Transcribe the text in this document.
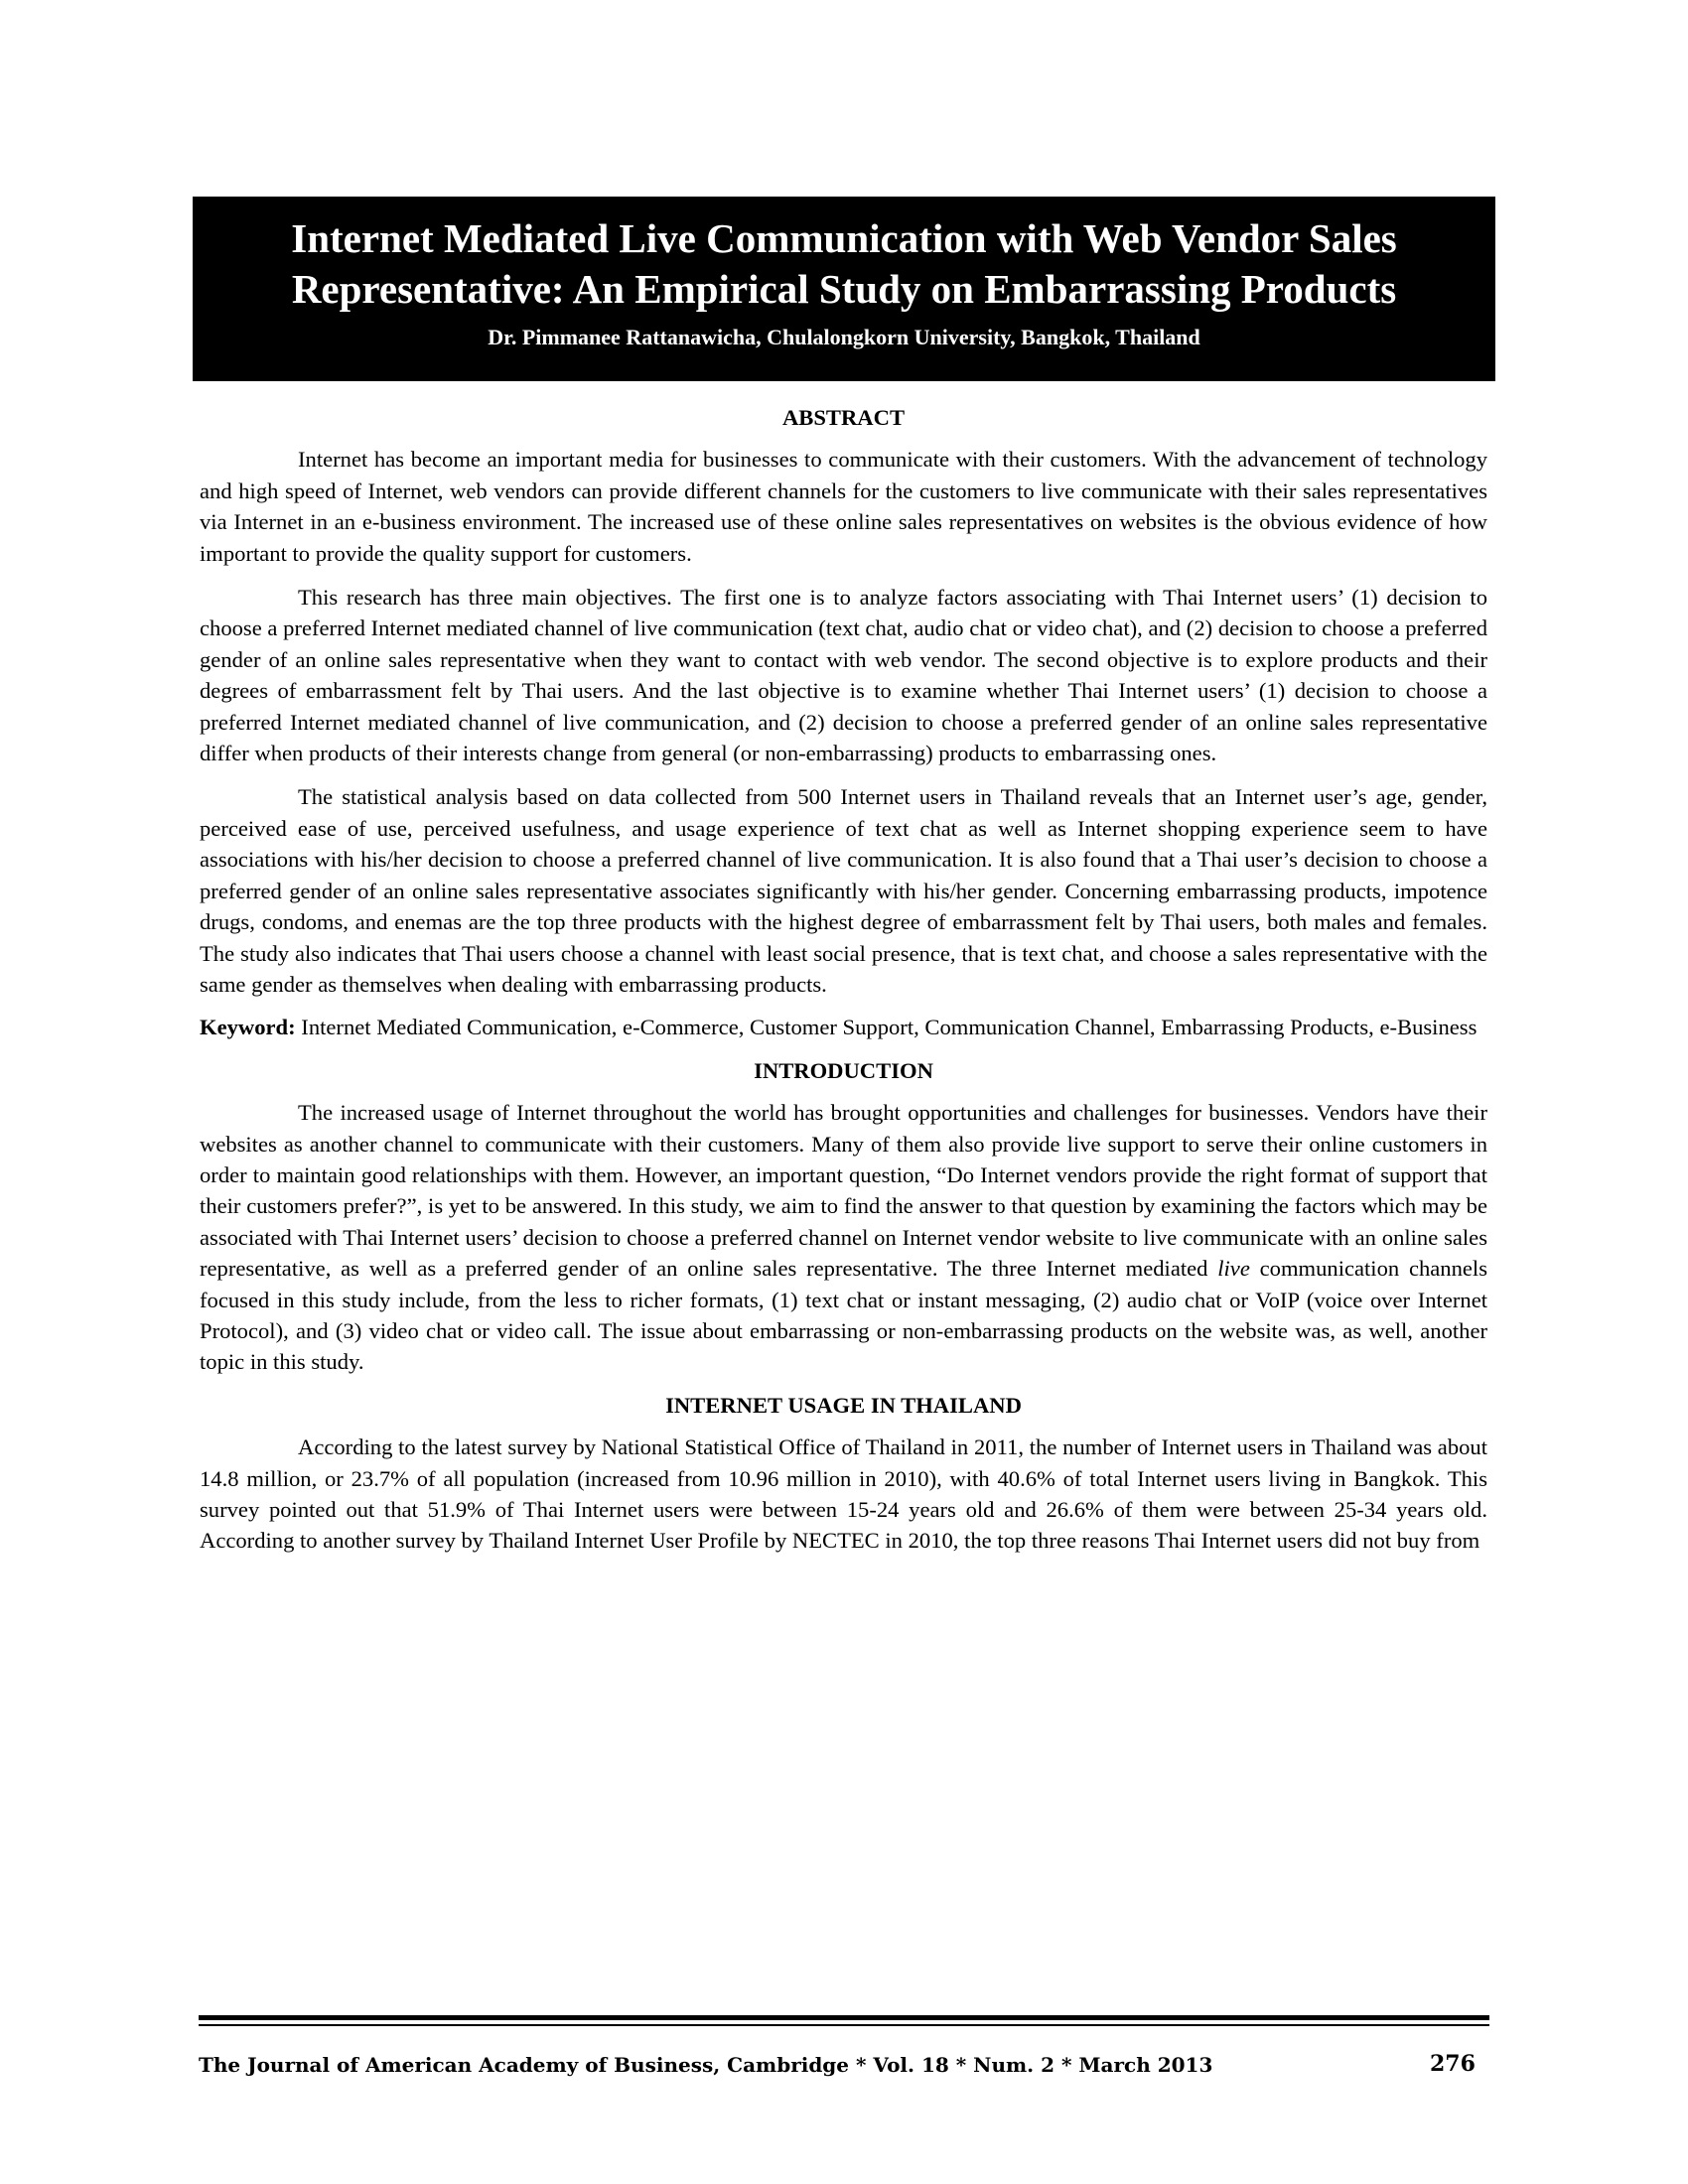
Internet Mediated Live Communication with Web Vendor Sales
Representative: An Empirical Study on Embarrassing Products
Dr. Pimmanee Rattanawicha, Chulalongkorn University, Bangkok, Thailand
ABSTRACT

Internet has become an important media for businesses to communicate with their customers. With the advancement of technology and high speed of Internet, web vendors can provide different channels for the customers to live communicate with their sales representatives via Internet in an e-business environment. The increased use of these online sales representatives on websites is the obvious evidence of how important to provide the quality support for customers.

This research has three main objectives. The first one is to analyze factors associating with Thai Internet users’ (1) decision to choose a preferred Internet mediated channel of live communication (text chat, audio chat or video chat), and (2) decision to choose a preferred gender of an online sales representative when they want to contact with web vendor. The second objective is to explore products and their degrees of embarrassment felt by Thai users. And the last objective is to examine whether Thai Internet users’ (1) decision to choose a preferred Internet mediated channel of live communication, and (2) decision to choose a preferred gender of an online sales representative differ when products of their interests change from general (or non-embarrassing) products to embarrassing ones.

The statistical analysis based on data collected from 500 Internet users in Thailand reveals that an Internet user’s age, gender, perceived ease of use, perceived usefulness, and usage experience of text chat as well as Internet shopping experience seem to have associations with his/her decision to choose a preferred channel of live communication. It is also found that a Thai user’s decision to choose a preferred gender of an online sales representative associates significantly with his/her gender. Concerning embarrassing products, impotence drugs, condoms, and enemas are the top three products with the highest degree of embarrassment felt by Thai users, both males and females. The study also indicates that Thai users choose a channel with least social presence, that is text chat, and choose a sales representative with the same gender as themselves when dealing with embarrassing products.

Keyword: Internet Mediated Communication, e-Commerce, Customer Support, Communication Channel, Embarrassing Products, e-Business

INTRODUCTION

The increased usage of Internet throughout the world has brought opportunities and challenges for businesses. Vendors have their websites as another channel to communicate with their customers. Many of them also provide live support to serve their online customers in order to maintain good relationships with them. However, an important question, “Do Internet vendors provide the right format of support that their customers prefer?”, is yet to be answered. In this study, we aim to find the answer to that question by examining the factors which may be associated with Thai Internet users’ decision to choose a preferred channel on Internet vendor website to live communicate with an online sales representative, as well as a preferred gender of an online sales representative. The three Internet mediated live communication channels focused in this study include, from the less to richer formats, (1) text chat or instant messaging, (2) audio chat or VoIP (voice over Internet Protocol), and (3) video chat or video call. The issue about embarrassing or non-embarrassing products on the website was, as well, another topic in this study.

INTERNET USAGE IN THAILAND

According to the latest survey by National Statistical Office of Thailand in 2011, the number of Internet users in Thailand was about 14.8 million, or 23.7% of all population (increased from 10.96 million in 2010), with 40.6% of total Internet users living in Bangkok. This survey pointed out that 51.9% of Thai Internet users were between 15-24 years old and 26.6% of them were between 25-34 years old. According to another survey by Thailand Internet User Profile by NECTEC in 2010, the top three reasons Thai Internet users did not buy from

The Journal of American Academy of Business, Cambridge * Vol. 18 * Num. 2 * March 2013	276
